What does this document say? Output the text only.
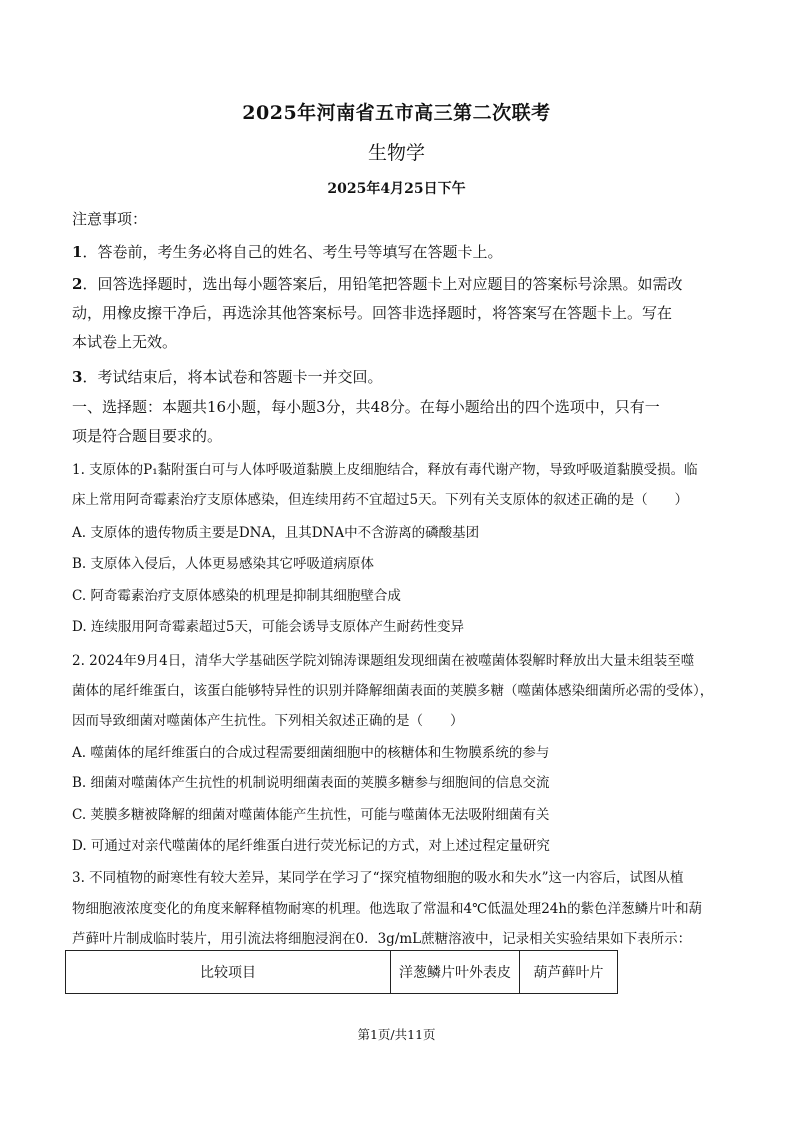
2025年河南省五市高三第二次联考
生物学
2025年4月25日下午
注意事项：
1．答卷前，考生务必将自己的姓名、考生号等填写在答题卡上。
2．回答选择题时，选出每小题答案后，用铅笔把答题卡上对应题目的答案标号涂黑。如需改
动，用橡皮擦干净后，再选涂其他答案标号。回答非选择题时，将答案写在答题卡上。写在
本试卷上无效。
3．考试结束后，将本试卷和答题卡一并交回。
一、选择题：本题共16小题，每小题3分，共48分。在每小题给出的四个选项中，只有一
项是符合题目要求的。
1. 支原体的P₁黏附蛋白可与人体呼吸道黏膜上皮细胞结合，释放有毒代谢产物，导致呼吸道黏膜受损。临
床上常用阿奇霉素治疗支原体感染，但连续用药不宜超过5天。下列有关支原体的叙述正确的是（　　）
A. 支原体的遗传物质主要是DNA，且其DNA中不含游离的磷酸基团
B. 支原体入侵后，人体更易感染其它呼吸道病原体
C. 阿奇霉素治疗支原体感染的机理是抑制其细胞壁合成
D. 连续服用阿奇霉素超过5天，可能会诱导支原体产生耐药性变异
2. 2024年9月4日，清华大学基础医学院刘锦涛课题组发现细菌在被噬菌体裂解时释放出大量未组装至噬
菌体的尾纤维蛋白，该蛋白能够特异性的识别并降解细菌表面的荚膜多糖（噬菌体感染细菌所必需的受体），
因而导致细菌对噬菌体产生抗性。下列相关叙述正确的是（　　）
A. 噬菌体的尾纤维蛋白的合成过程需要细菌细胞中的核糖体和生物膜系统的参与
B. 细菌对噬菌体产生抗性的机制说明细菌表面的荚膜多糖参与细胞间的信息交流
C. 荚膜多糖被降解的细菌对噬菌体能产生抗性，可能与噬菌体无法吸附细菌有关
D. 可通过对亲代噬菌体的尾纤维蛋白进行荧光标记的方式，对上述过程定量研究
3. 不同植物的耐寒性有较大差异，某同学在学习了“探究植物细胞的吸水和失水”这一内容后，试图从植
物细胞液浓度变化的角度来解释植物耐寒的机理。他选取了常温和4℃低温处理24h的紫色洋葱鳞片叶和葫
芦藓叶片制成临时装片，用引流法将细胞浸润在0．3g/mL蔗糖溶液中，记录相关实验结果如下表所示：
比较项目	洋葱鳞片叶外表皮	葫芦藓叶片
第1页/共11页
